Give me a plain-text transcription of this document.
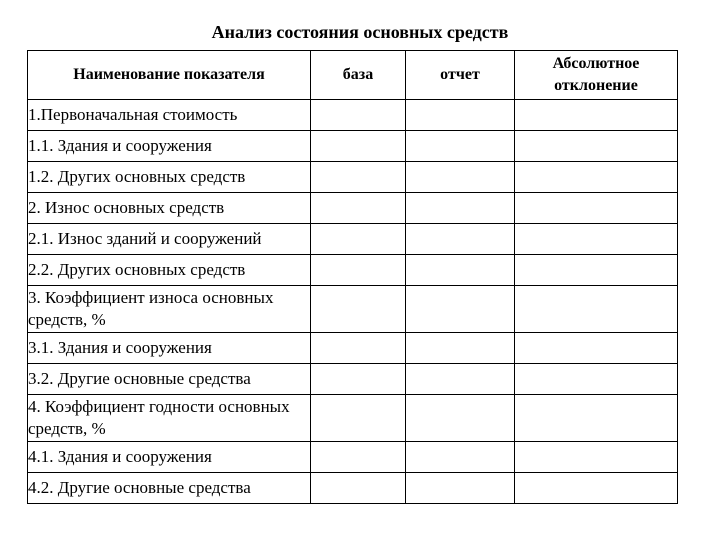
Анализ состояния основных средств
Наименование показателя	база	отчет	Абсолютное отклонение
1.Первоначальная стоимость			
1.1. Здания и сооружения			
1.2. Других основных средств			
2. Износ основных средств			
2.1. Износ зданий и сооружений			
2.2. Других основных средств			
3. Коэффициент износа основных средств, %			
3.1. Здания и сооружения			
3.2. Другие основные средства			
4. Коэффициент годности основных средств, %			
4.1. Здания и сооружения			
4.2. Другие основные средства			
